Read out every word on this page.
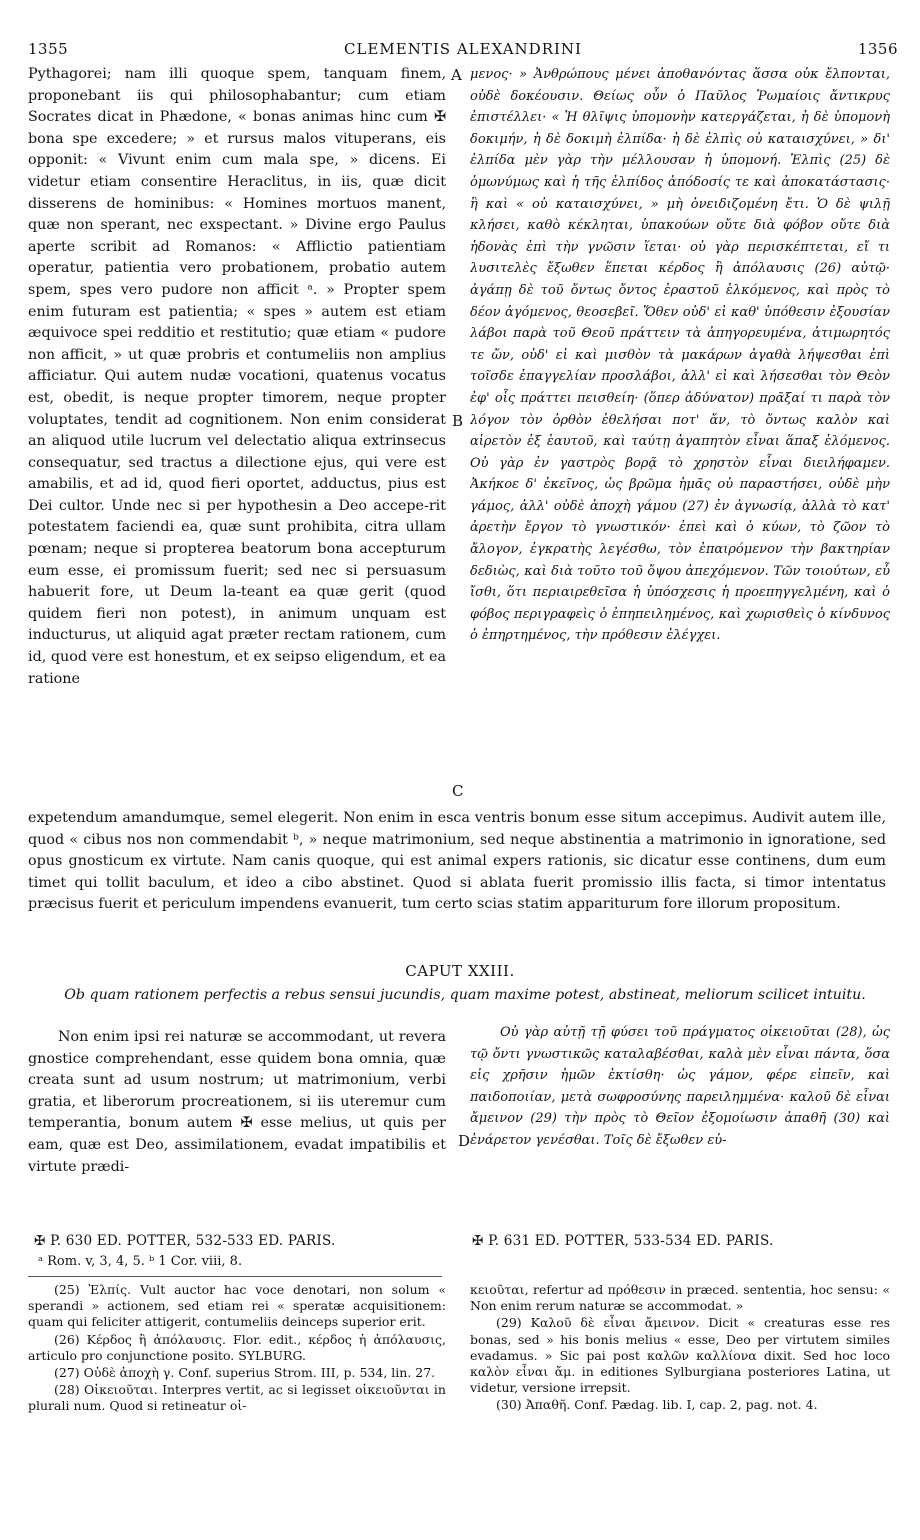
1355	CLEMENTIS ALEXANDRINI	1356
Pythagorei; nam illi quoque spem, tanquam finem, proponebant iis qui philosophabantur; cum etiam Socrates dicat in Phædone, « bonas animas hinc cum ✠ bona spe excedere; » et rursus malos vituperans, eis opponit: « Vivunt enim cum mala spe, » dicens. Ei videtur etiam consentire Heraclitus, in iis, quæ dicit disserens de hominibus: « Homines mortuos manent, quæ non sperant, nec exspectant. » Divine ergo Paulus aperte scribit ad Romanos: « Afflictio patientiam operatur, patientia vero probationem, probatio autem spem, spes vero pudore non afficit ᵃ. » Propter spem enim futuram est patientia; « spes » autem est etiam æquivoce spei redditio et restitutio; quæ etiam « pudore non afficit, » ut quæ probris et contumeliis non amplius afficiatur. Qui autem nudæ vocationi, quatenus vocatus est, obedit, is neque propter timorem, neque propter voluptates, tendit ad cognitionem. Non enim considerat an aliquod utile lucrum vel delectatio aliqua extrinsecus consequatur, sed tractus a dilectione ejus, qui vere est amabilis, et ad id, quod fieri oportet, adductus, pius est Dei cultor. Unde nec si per hypothesin a Deo accepe-rit potestatem faciendi ea, quæ sunt prohibita, citra ullam pœnam; neque si propterea beatorum bona accepturum eum esse, ei promissum fuerit; sed nec si persuasum habuerit fore, ut Deum la-teant ea quæ gerit (quod quidem fieri non potest), in animum unquam est inducturus, ut aliquid agat præter rectam rationem, cum id, quod vere est honestum, et ex seipso eligendum, et ea ratione
A
B
C
μενος· » Ἀνθρώπους μένει ἀποθανόντας ἅσσα οὐκ ἔλπονται, οὐδὲ δοκέουσιν. Θείως οὖν ὁ Παῦλος Ῥωμαίοις ἄντικρυς ἐπιστέλλει· « Ἡ θλῖψις ὑπομονὴν κατεργάζεται, ἡ δὲ ὑπομονὴ δοκιμήν, ἡ δὲ δοκιμὴ ἐλπίδα· ἡ δὲ ἐλπὶς οὐ καταισχύνει, » δι' ἐλπίδα μὲν γὰρ τὴν μέλλουσαν ἡ ὑπομονή. Ἐλπὶς (25) δὲ ὁμωνύμως καὶ ἡ τῆς ἐλπίδος ἀπόδοσίς τε καὶ ἀποκατάστασις· ἣ καὶ « οὐ καταισχύνει, » μὴ ὀνειδιζομένη ἔτι. Ὁ δὲ ψιλῇ κλήσει, καθὸ κέκληται, ὑπακούων οὔτε διὰ φόβον οὔτε διὰ ἡδονὰς ἐπὶ τὴν γνῶσιν ἵεται· οὐ γὰρ περισκέπτεται, εἴ τι λυσιτελὲς ἔξωθεν ἕπεται κέρδος ἢ ἀπόλαυσις (26) αὐτῷ· ἀγάπῃ δὲ τοῦ ὄντως ὄντος ἐραστοῦ ἑλκόμενος, καὶ πρὸς τὸ δέον ἀγόμενος, θεοσεβεῖ. Ὅθεν οὐδ' εἰ καθ' ὑπόθεσιν ἐξουσίαν λάβοι παρὰ τοῦ Θεοῦ πράττειν τὰ ἀπηγορευμένα, ἀτιμωρητός τε ὤν, οὐδ' εἰ καὶ μισθὸν τὰ μακάρων ἀγαθὰ λήψεσθαι ἐπὶ τοῖσδε ἐπαγγελίαν προσλάβοι, ἀλλ' εἰ καὶ λήσεσθαι τὸν Θεὸν ἐφ' οἷς πράττει πεισθείη· (ὅπερ ἀδύνατον) πρᾶξαί τι παρὰ τὸν λόγον τὸν ὀρθὸν ἐθελήσαι ποτ' ἄν, τὸ ὄντως καλὸν καὶ αἱρετὸν ἐξ ἑαυτοῦ, καὶ ταύτῃ ἀγαπητὸν εἶναι ἅπαξ ἑλόμενος. Οὐ γὰρ ἐν γαστρὸς βορᾷ τὸ χρηστὸν εἶναι διειλήφαμεν. Ἀκήκοε δ' ἐκεῖνος, ὡς βρῶμα ἡμᾶς οὐ παραστήσει, οὐδὲ μὴν γάμος, ἀλλ' οὐδὲ ἀποχὴ γάμου (27) ἐν ἀγνωσίᾳ, ἀλλὰ τὸ κατ' ἀρετὴν ἔργον τὸ γνωστικόν· ἐπεὶ καὶ ὁ κύων, τὸ ζῶον τὸ ἄλογον, ἐγκρατὴς λεγέσθω, τὸν ἐπαιρόμενον τὴν βακτηρίαν δεδιὼς, καὶ διὰ τοῦτο τοῦ ὄψου ἀπεχόμενον. Τῶν τοιούτων, εὖ ἴσθι, ὅτι περιαιρεθεῖσα ἡ ὑπόσχεσις ἡ προεπηγγελμένη, καὶ ὁ φόβος περιγραφεὶς ὁ ἐπηπειλημένος, καὶ χωρισθεὶς ὁ κίνδυνος ὁ ἐπηρτημένος, τὴν πρόθεσιν ἐλέγχει.
expetendum amandumque, semel elegerit. Non enim in esca ventris bonum esse situm accepimus. Audivit autem ille, quod « cibus nos non commendabit ᵇ, » neque matrimonium, sed neque abstinentia a matrimonio in ignoratione, sed opus gnosticum ex virtute. Nam canis quoque, qui est animal expers rationis, sic dicatur esse continens, dum eum timet qui tollit baculum, et ideo a cibo abstinet. Quod si ablata fuerit promissio illis facta, si timor intentatus præcisus fuerit et periculum impendens evanuerit, tum certo scias statim appariturum fore illorum propositum.
CAPUT XXIII.
Ob quam rationem perfectis a rebus sensui jucundis, quam maxime potest, abstineat, meliorum scilicet intuitu.
Non enim ipsi rei naturæ se accommodant, ut revera gnostice comprehendant, esse quidem bona omnia, quæ creata sunt ad usum nostrum; ut matrimonium, verbi gratia, et liberorum procreationem, si iis uteremur cum temperantia, bonum autem ✠ esse melius, ut quis per eam, quæ est Deo, assimilationem, evadat impatibilis et virtute prædi-
D
Οὐ γὰρ αὐτῇ τῇ φύσει τοῦ πράγματος οἰκειοῦται (28), ὡς τῷ ὄντι γνωστικῶς καταλαβέσθαι, καλὰ μὲν εἶναι πάντα, ὅσα εἰς χρῆσιν ἡμῶν ἐκτίσθη· ὡς γάμον, φέρε εἰπεῖν, καὶ παιδοποιίαν, μετὰ σωφροσύνης παρειλημμένα· καλοῦ δὲ εἶναι ἄμεινον (29) τὴν πρὸς τὸ Θεῖον ἐξομοίωσιν ἀπαθῆ (30) καὶ ἐνάρετον γενέσθαι. Τοῖς δὲ ἔξωθεν εὐ-
✠ P. 630 ED. POTTER, 532-533 ED. PARIS.	✠ P. 631 ED. POTTER, 533-534 ED. PARIS.
ᵃ Rom. v, 3, 4, 5. ᵇ 1 Cor. viii, 8.

(25) Ἐλπίς. Vult auctor hac voce denotari, non solum « sperandi » actionem, sed etiam rei « speratæ acquisitionem: quam qui feliciter attigerit, contumeliis deinceps superior erit.

(26) Κέρδος ἢ ἀπόλαυσις. Flor. edit., κέρδος ἡ ἀπόλαυσις, articulo pro conjunctione posito. SYLBURG.

(27) Οὐδὲ ἀποχὴ γ. Conf. superius Strom. III, p. 534, lin. 27.

(28) Οἰκειοῦται. Interpres vertit, ac si legisset οἰκειοῦνται in plurali num. Quod si retineatur οἰ-

κειοῦται, refertur ad πρόθεσιν in præced. sententia, hoc sensu: « Non enim rerum naturæ se accommodat. »

(29) Καλοῦ δὲ εἶναι ἄμεινον. Dicit « creaturas esse res bonas, sed » his bonis melius « esse, Deo per virtutem similes evadamus. » Sic pai post καλῶν καλλίονα dixit. Sed hoc loco καλὸν εἶναι ἄμ. in editiones Sylburgiana posteriores Latina, ut videtur, versione irrepsit.

(30) Ἀπαθῆ. Conf. Pædag. lib. I, cap. 2, pag. not. 4.
